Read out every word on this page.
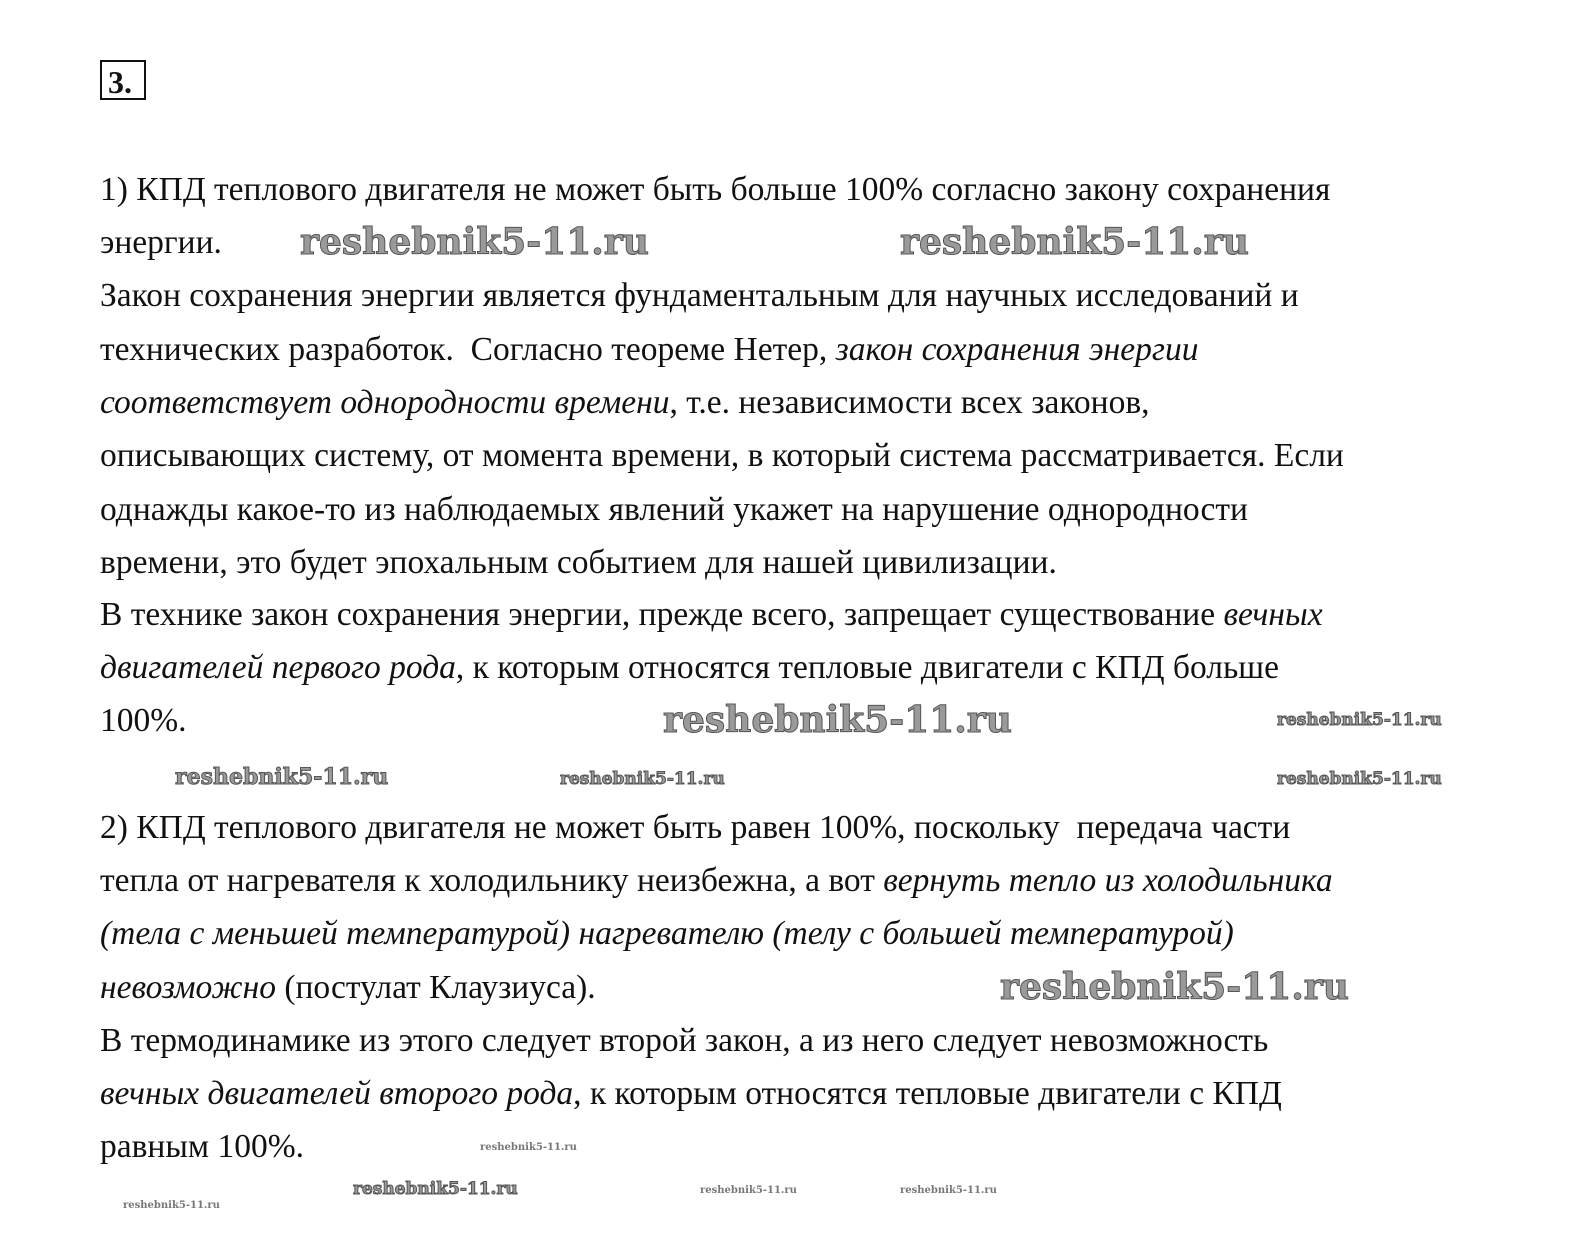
3.
1) КПД теплового двигателя не может быть больше 100% согласно закону сохранения
энергии.
Закон сохранения энергии является фундаментальным для научных исследований и
технических разработок.  Согласно теореме Нетер, закон сохранения энергии
соответствует однородности времени, т.е. независимости всех законов,
описывающих систему, от момента времени, в который система рассматривается. Если
однажды какое-то из наблюдаемых явлений укажет на нарушение однородности
времени, это будет эпохальным событием для нашей цивилизации.
В технике закон сохранения энергии, прежде всего, запрещает существование вечных
двигателей первого рода, к которым относятся тепловые двигатели с КПД больше
100%.
2) КПД теплового двигателя не может быть равен 100%, поскольку  передача части
тепла от нагревателя к холодильнику неизбежна, а вот вернуть тепло из холодильника
(тела с меньшей температурой) нагревателю (телу с большей температурой)
невозможно (постулат Клаузиуса).
В термодинамике из этого следует второй закон, а из него следует невозможность
вечных двигателей второго рода, к которым относятся тепловые двигатели с КПД
равным 100%.
reshebnik5-11.ru	reshebnik5-11.ru
reshebnik5-11.ru
reshebnik5-11.ru
reshebnik5-11.ru	reshebnik5-11.ru
reshebnik5-11.ru
reshebnik5-11.ru
reshebnik5-11.ru	reshebnik5-11.ru
reshebnik5-11.ru
reshebnik5-11.ru
reshebnik5-11.ru
